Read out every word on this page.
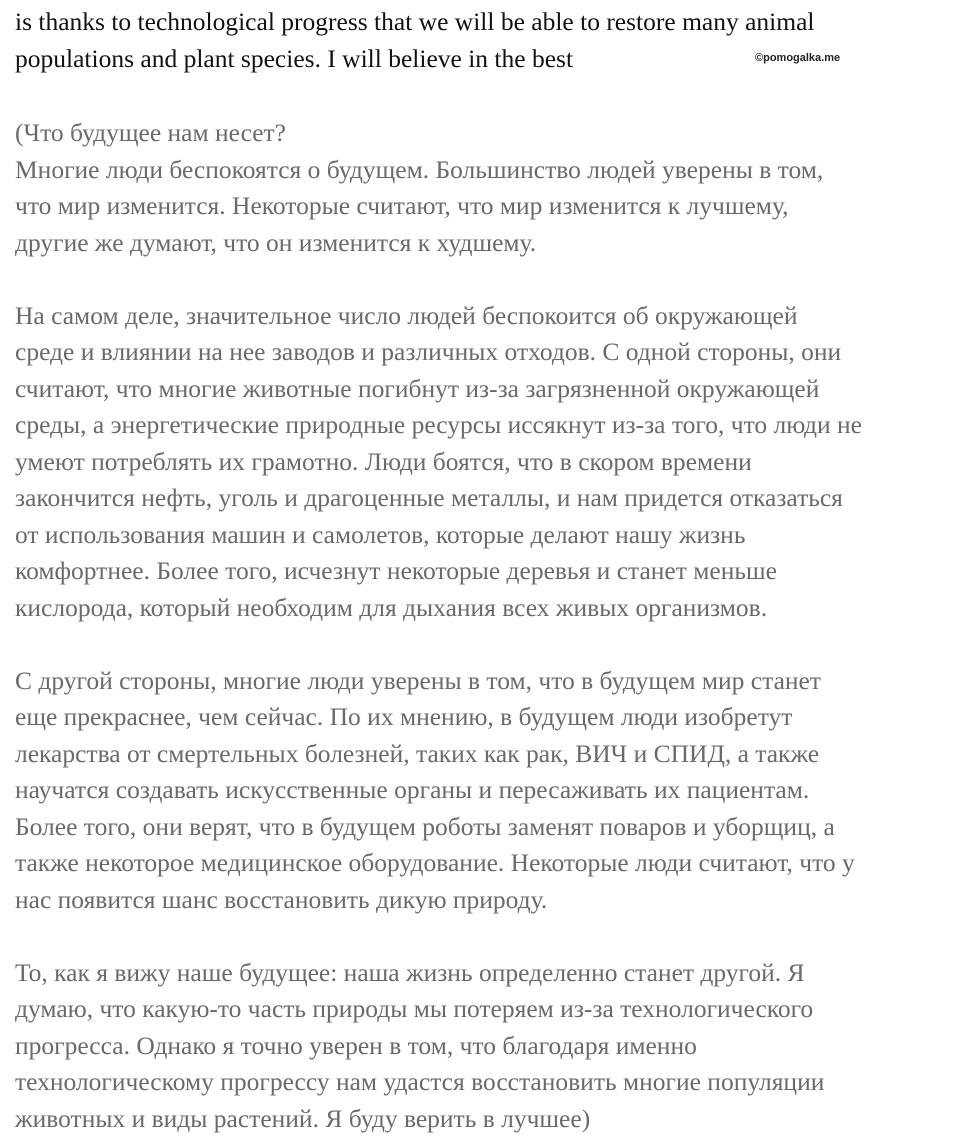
is thanks to technological progress that we will be able to restore many animal

populations and plant species. I will believe in the best	©pomogalka.me

(Что будущее нам несет?

Многие люди беспокоятся о будущем. Большинство людей уверены в том,

что мир изменится. Некоторые считают, что мир изменится к лучшему,

другие же думают, что он изменится к худшему.

На самом деле, значительное число людей беспокоится об окружающей

среде и влиянии на нее заводов и различных отходов. С одной стороны, они

считают, что многие животные погибнут из-за загрязненной окружающей

среды, а энергетические природные ресурсы иссякнут из-за того, что люди не

умеют потреблять их грамотно. Люди боятся, что в скором времени

закончится нефть, уголь и драгоценные металлы, и нам придется отказаться

от использования машин и самолетов, которые делают нашу жизнь

комфортнее. Более того, исчезнут некоторые деревья и станет меньше

кислорода, который необходим для дыхания всех живых организмов.

С другой стороны, многие люди уверены в том, что в будущем мир станет

еще прекраснее, чем сейчас. По их мнению, в будущем люди изобретут

лекарства от смертельных болезней, таких как рак, ВИЧ и СПИД, а также

научатся создавать искусственные органы и пересаживать их пациентам.

Более того, они верят, что в будущем роботы заменят поваров и уборщиц, а

также некоторое медицинское оборудование. Некоторые люди считают, что у

нас появится шанс восстановить дикую природу.

То, как я вижу наше будущее: наша жизнь определенно станет другой. Я

думаю, что какую-то часть природы мы потеряем из-за технологического

прогресса. Однако я точно уверен в том, что благодаря именно

технологическому прогрессу нам удастся восстановить многие популяции

животных и виды растений. Я буду верить в лучшее)
